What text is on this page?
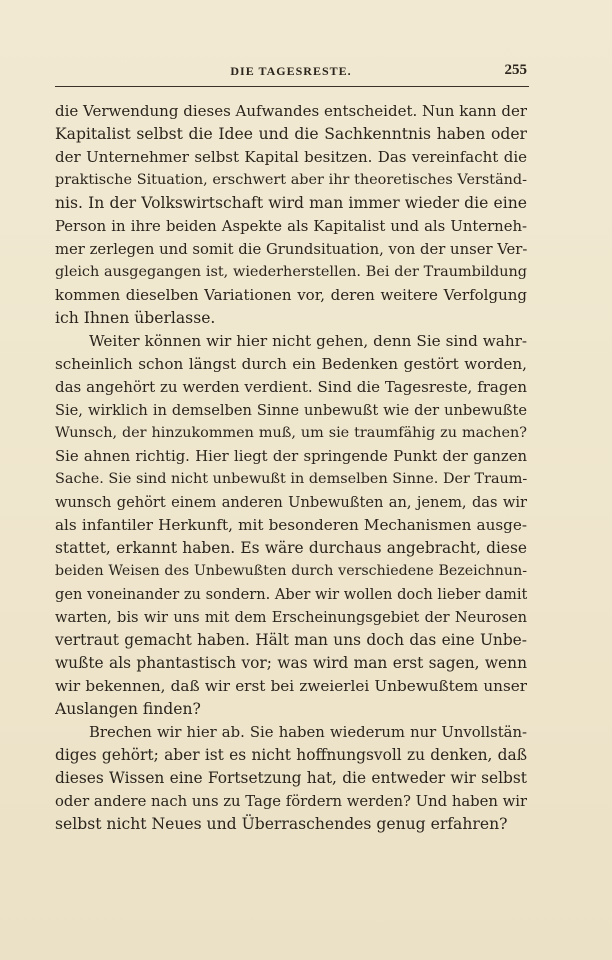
DIE TAGESRESTE.	255
die Verwendung dieses Aufwandes entscheidet. Nun kann der
Kapitalist selbst die Idee und die Sachkenntnis haben oder
der Unternehmer selbst Kapital besitzen. Das vereinfacht die
praktische Situation, erschwert aber ihr theoretisches Verständ-
nis. In der Volkswirtschaft wird man immer wieder die eine
Person in ihre beiden Aspekte als Kapitalist und als Unterneh-
mer zerlegen und somit die Grundsituation, von der unser Ver-
gleich ausgegangen ist, wiederherstellen. Bei der Traumbildung
kommen dieselben Variationen vor, deren weitere Verfolgung
ich Ihnen überlasse.
Weiter können wir hier nicht gehen, denn Sie sind wahr-
scheinlich schon längst durch ein Bedenken gestört worden,
das angehört zu werden verdient. Sind die Tagesreste, fragen
Sie, wirklich in demselben Sinne unbewußt wie der unbewußte
Wunsch, der hinzukommen muß, um sie traumfähig zu machen?
Sie ahnen richtig. Hier liegt der springende Punkt der ganzen
Sache. Sie sind nicht unbewußt in demselben Sinne. Der Traum-
wunsch gehört einem anderen Unbewußten an, jenem, das wir
als infantiler Herkunft, mit besonderen Mechanismen ausge-
stattet, erkannt haben. Es wäre durchaus angebracht, diese
beiden Weisen des Unbewußten durch verschiedene Bezeichnun-
gen voneinander zu sondern. Aber wir wollen doch lieber damit
warten, bis wir uns mit dem Erscheinungsgebiet der Neurosen
vertraut gemacht haben. Hält man uns doch das eine Unbe-
wußte als phantastisch vor; was wird man erst sagen, wenn
wir bekennen, daß wir erst bei zweierlei Unbewußtem unser
Auslangen finden?
Brechen wir hier ab. Sie haben wiederum nur Unvollstän-
diges gehört; aber ist es nicht hoffnungsvoll zu denken, daß
dieses Wissen eine Fortsetzung hat, die entweder wir selbst
oder andere nach uns zu Tage fördern werden? Und haben wir
selbst nicht Neues und Überraschendes genug erfahren?
